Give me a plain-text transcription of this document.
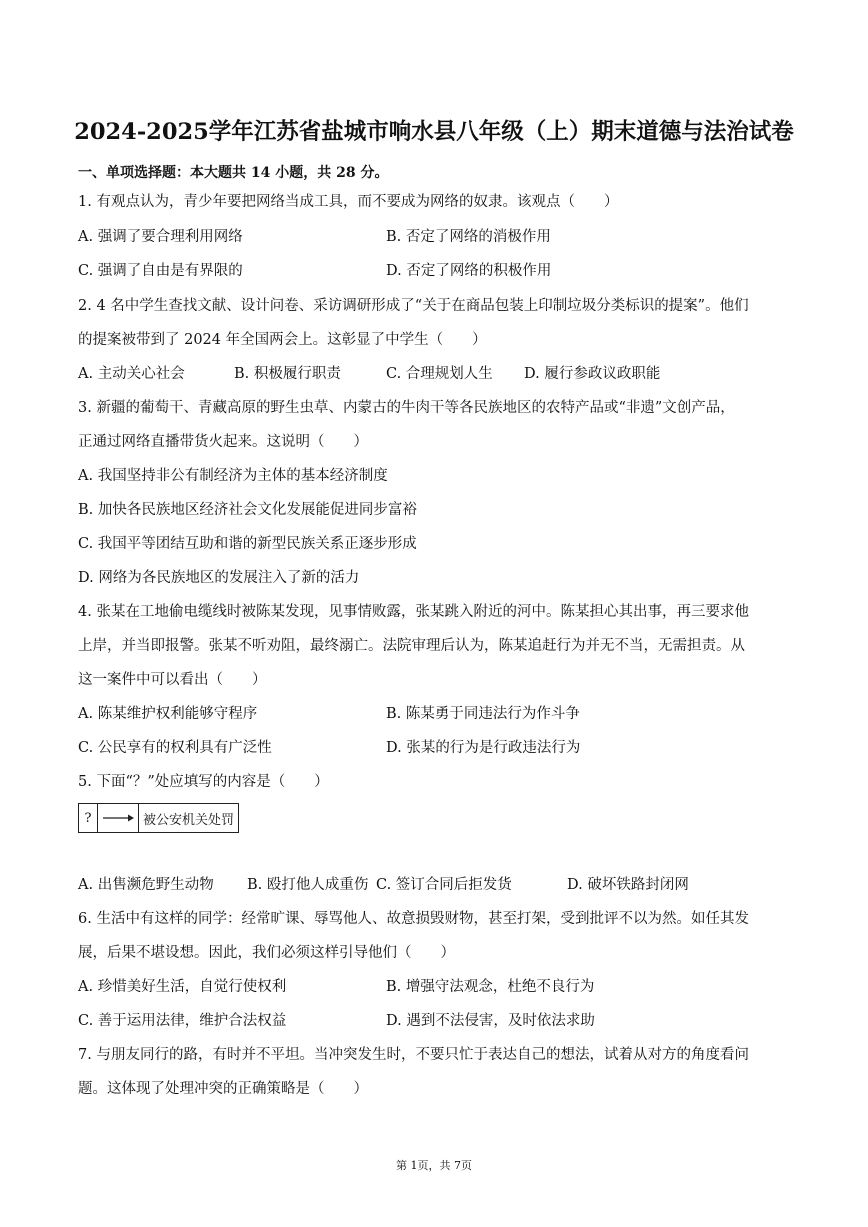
2024-2025学年江苏省盐城市响水县八年级（上）期末道德与法治试卷
一、单项选择题：本大题共 14 小题，共 28 分。
1. 有观点认为，青少年要把网络当成工具，而不要成为网络的奴隶。该观点（　　）
A. 强调了要合理利用网络	B. 否定了网络的消极作用
C. 强调了自由是有界限的	D. 否定了网络的积极作用
2. 4 名中学生查找文献、设计问卷、采访调研形成了“关于在商品包装上印制垃圾分类标识的提案”。他们
的提案被带到了 2024 年全国两会上。这彰显了中学生（　　）
A. 主动关心社会	B. 积极履行职责	C. 合理规划人生 D. 履行参政议政职能
3. 新疆的葡萄干、青藏高原的野生虫草、内蒙古的牛肉干等各民族地区的农特产品或“非遗”文创产品，
正通过网络直播带货火起来。这说明（　　）
A. 我国坚持非公有制经济为主体的基本经济制度
B. 加快各民族地区经济社会文化发展能促进同步富裕
C. 我国平等团结互助和谐的新型民族关系正逐步形成
D. 网络为各民族地区的发展注入了新的活力
4. 张某在工地偷电缆线时被陈某发现，见事情败露，张某跳入附近的河中。陈某担心其出事，再三要求他
上岸，并当即报警。张某不听劝阻，最终溺亡。法院审理后认为，陈某追赶行为并无不当，无需担责。从
这一案件中可以看出（　　）
A. 陈某维护权利能够守程序	B. 陈某勇于同违法行为作斗争
C. 公民享有的权利具有广泛性	D. 张某的行为是行政违法行为
5. 下面“？”处应填写的内容是（　　）
?	被公安机关处罚
A. 出售濒危野生动物 B. 殴打他人成重伤 C. 签订合同后拒发货	D. 破坏铁路封闭网
6. 生活中有这样的同学：经常旷课、辱骂他人、故意损毁财物，甚至打架，受到批评不以为然。如任其发
展，后果不堪设想。因此，我们必须这样引导他们（　　）
A. 珍惜美好生活，自觉行使权利	B. 增强守法观念，杜绝不良行为
C. 善于运用法律，维护合法权益	D. 遇到不法侵害，及时依法求助
7. 与朋友同行的路，有时并不平坦。当冲突发生时，不要只忙于表达自己的想法，试着从对方的角度看问
题。这体现了处理冲突的正确策略是（　　）
第 1页，共 7页
